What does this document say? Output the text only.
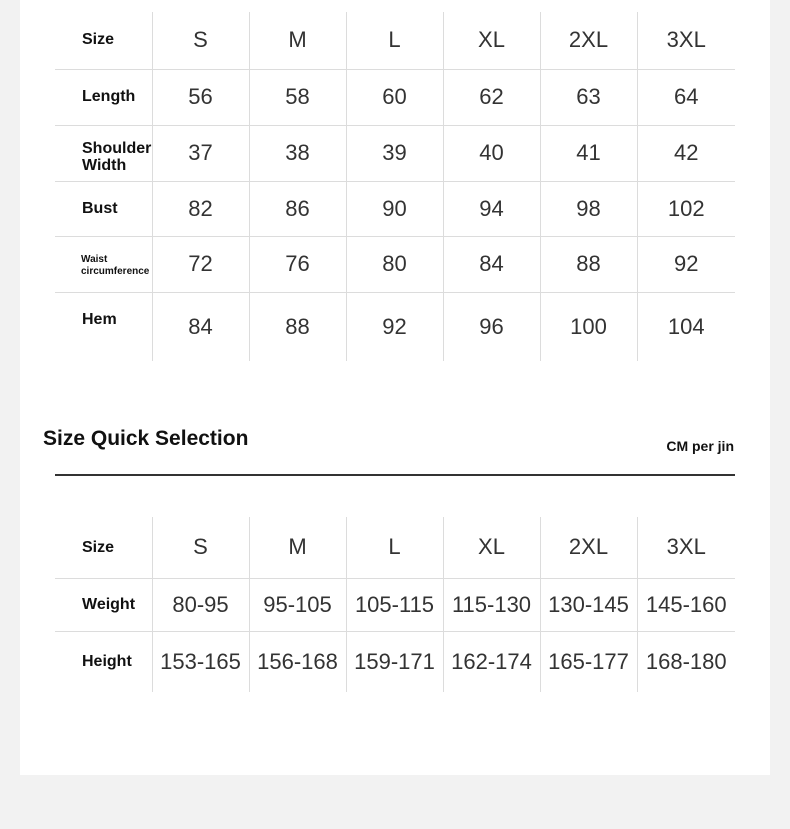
Size	S	M	L	XL	2XL	3XL
Length	56	58	60	62	63	64
Shoulder
Width	37	38	39	40	41	42
Bust	82	86	90	94	98	102
Waist
circumference	72	76	80	84	88	92
Hem	84	88	92	96	100	104
Size Quick Selection	CM per jin
Size	S	M	L	XL	2XL	3XL
Weight	80-95	95-105	105-115	115-130	130-145	145-160
Height	153-165	156-168	159-171	162-174	165-177	168-180
